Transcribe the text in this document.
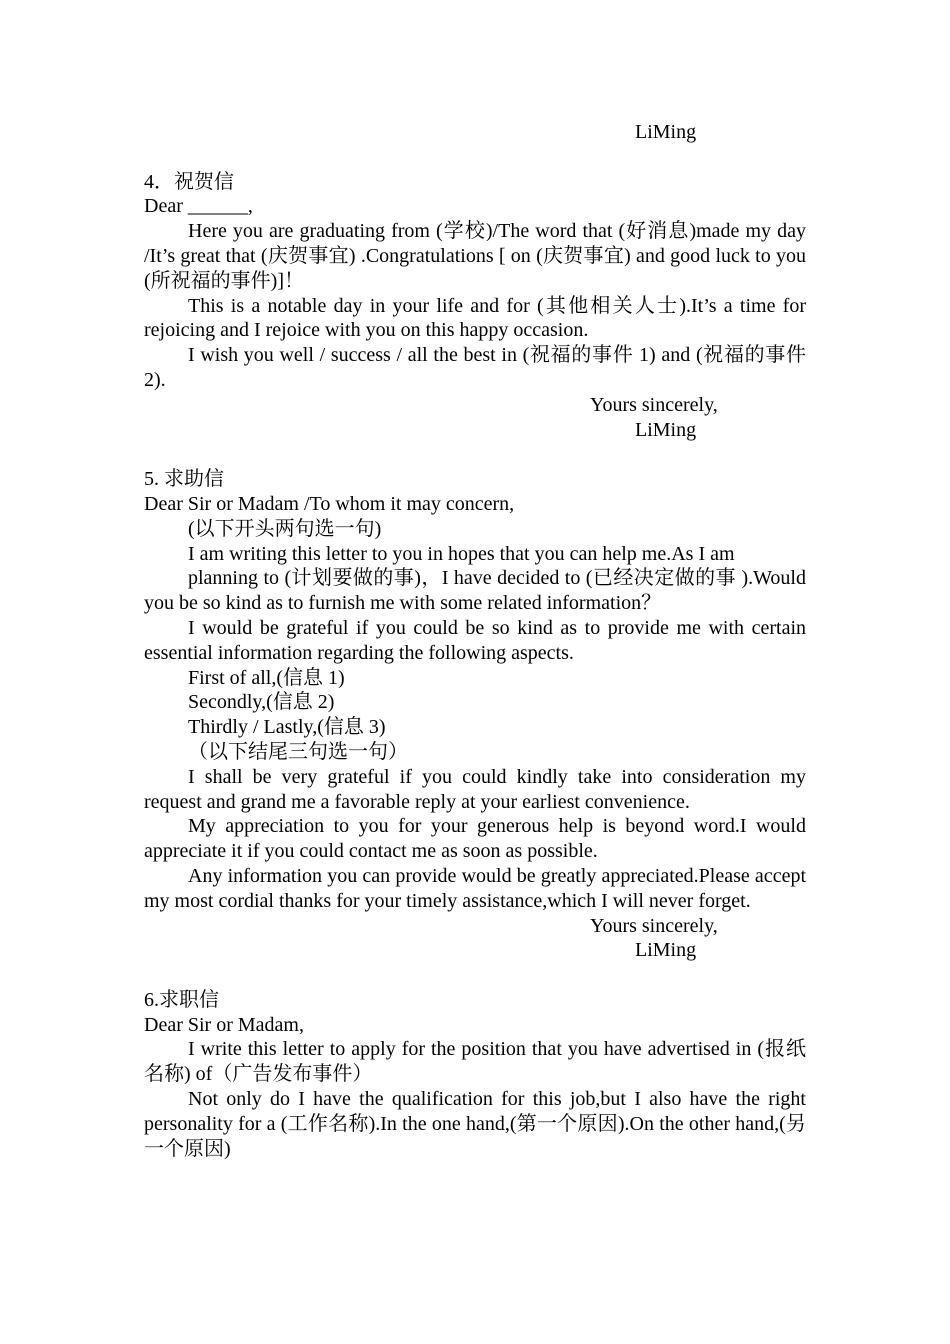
LiMing

4．祝贺信

Dear ______,

Here you are graduating from (学校)/The word that (好消息)made my day /It’s great that (庆贺事宜) .Congratulations [ on (庆贺事宜) and good luck to you (所祝福的事件)]！

This is a notable day in your life and for (其他相关人士).It’s a time for rejoicing and I rejoice with you on this happy occasion.

I wish you well / success / all the best in (祝福的事件 1) and (祝福的事件 2).

Yours sincerely,

LiMing

5. 求助信

Dear Sir or Madam /To whom it may concern,

(以下开头两句选一句)

I am writing this letter to you in hopes that you can help me.As I am

planning to (计划要做的事)，I have decided to (已经决定做的事 ).Would you be so kind as to furnish me with some related information？

I would be grateful if you could be so kind as to provide me with certain essential information regarding the following aspects.

First of all,(信息 1)

Secondly,(信息 2)

Thirdly / Lastly,(信息 3)

（以下结尾三句选一句）

I shall be very grateful if you could kindly take into consideration my request and grand me a favorable reply at your earliest convenience.

My appreciation to you for your generous help is beyond word.I would appreciate it if you could contact me as soon as possible.

Any information you can provide would be greatly appreciated.Please accept my most cordial thanks for your timely assistance,which I will never forget.

Yours sincerely,

LiMing

6.求职信

Dear Sir or Madam,

I write this letter to apply for the position that you have advertised in (报纸名称) of（广告发布事件）

Not only do I have the qualification for this job,but I also have the right personality for a (工作名称).In the one hand,(第一个原因).On the other hand,(另一个原因)
